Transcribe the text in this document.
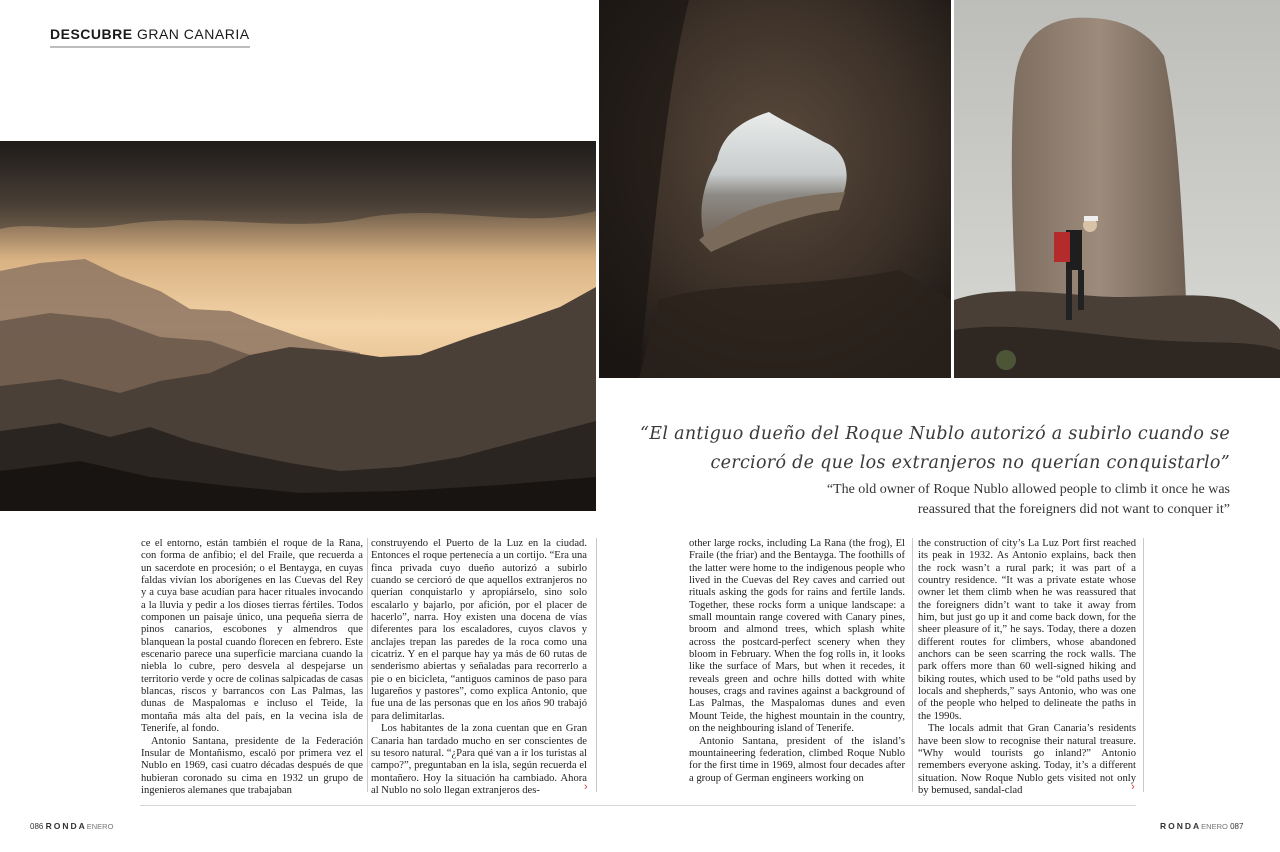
DESCUBRE GRAN CANARIA
“El antiguo dueño del Roque Nublo autorizó a subirlo cuando se
cercioró de que los extranjeros no querían conquistarlo”
“The old owner of Roque Nublo allowed people to climb it once he was
reassured that the foreigners did not want to conquer it”

ce el entorno, están también el roque de la Rana, con forma de anfibio; el del Fraile, que recuerda a un sacerdote en procesión; o el Bentayga, en cuyas faldas vivían los aborígenes en las Cuevas del Rey y a cuya base acudían para hacer rituales invocando a la lluvia y pedir a los dioses tierras fértiles. Todos componen un paisaje único, una pequeña sierra de pinos canarios, escobones y almendros que blanquean la postal cuando florecen en febrero. Este escenario parece una superficie marciana cuando la niebla lo cubre, pero desvela al despejarse un territorio verde y ocre de colinas salpicadas de casas blancas, riscos y barrancos con Las Palmas, las dunas de Maspalomas e incluso el Teide, la montaña más alta del país, en la vecina isla de Tenerife, al fondo.

Antonio Santana, presidente de la Federación Insular de Montañismo, escaló por primera vez el Nublo en 1969, casi cuatro décadas después de que hubieran coronado su cima en 1932 un grupo de ingenieros alemanes que trabajaban

construyendo el Puerto de la Luz en la ciudad. Entonces el roque pertenecía a un cortijo. “Era una finca privada cuyo dueño autorizó a subirlo cuando se cercioró de que aquellos extranjeros no querían conquistarlo y apropiárselo, sino solo escalarlo y bajarlo, por afición, por el placer de hacerlo”, narra. Hoy existen una docena de vías diferentes para los escaladores, cuyos clavos y anclajes trepan las paredes de la roca como una cicatriz. Y en el parque hay ya más de 60 rutas de senderismo abiertas y señaladas para recorrerlo a pie o en bicicleta, “antiguos caminos de paso para lugareños y pastores”, como explica Antonio, que fue una de las personas que en los años 90 trabajó para delimitarlas.

Los habitantes de la zona cuentan que en Gran Canaria han tardado mucho en ser conscientes de su tesoro natural. “¿Para qué van a ir los turistas al campo?”, preguntaban en la isla, según recuerda el montañero. Hoy la situación ha cambiado. Ahora al Nublo no solo llegan extranjeros des-	›

other large rocks, including La Rana (the frog), El Fraile (the friar) and the Bentayga. The foothills of the latter were home to the indigenous people who lived in the Cuevas del Rey caves and carried out rituals asking the gods for rains and fertile lands. Together, these rocks form a unique landscape: a small mountain range covered with Canary pines, broom and almond trees, which splash white across the postcard-perfect scenery when they bloom in February. When the fog rolls in, it looks like the surface of Mars, but when it recedes, it reveals green and ochre hills dotted with white houses, crags and ravines against a background of Las Palmas, the Maspalomas dunes and even Mount Teide, the highest mountain in the country, on the neighbouring island of Tenerife.

Antonio Santana, president of the island’s mountaineering federation, climbed Roque Nublo for the first time in 1969, almost four decades after a group of German engineers working on

the construction of city’s La Luz Port first reached its peak in 1932. As Antonio explains, back then the rock wasn’t a rural park; it was part of a country residence. “It was a private estate whose owner let them climb when he was reassured that the foreigners didn’t want to take it away from him, but just go up it and come back down, for the sheer pleasure of it,” he says. Today, there a dozen different routes for climbers, whose abandoned anchors can be seen scarring the rock walls. The park offers more than 60 well-signed hiking and biking routes, which used to be “old paths used by locals and shepherds,” says Antonio, who was one of the people who helped to delineate the paths in the 1990s.

The locals admit that Gran Canaria’s residents have been slow to recognise their natural treasure. “Why would tourists go inland?” Antonio remembers everyone asking. Today, it’s a different situation. Now Roque Nublo gets visited not only by bemused, sandal-clad	›
086 RONDAENERO	RONDAENERO 087
